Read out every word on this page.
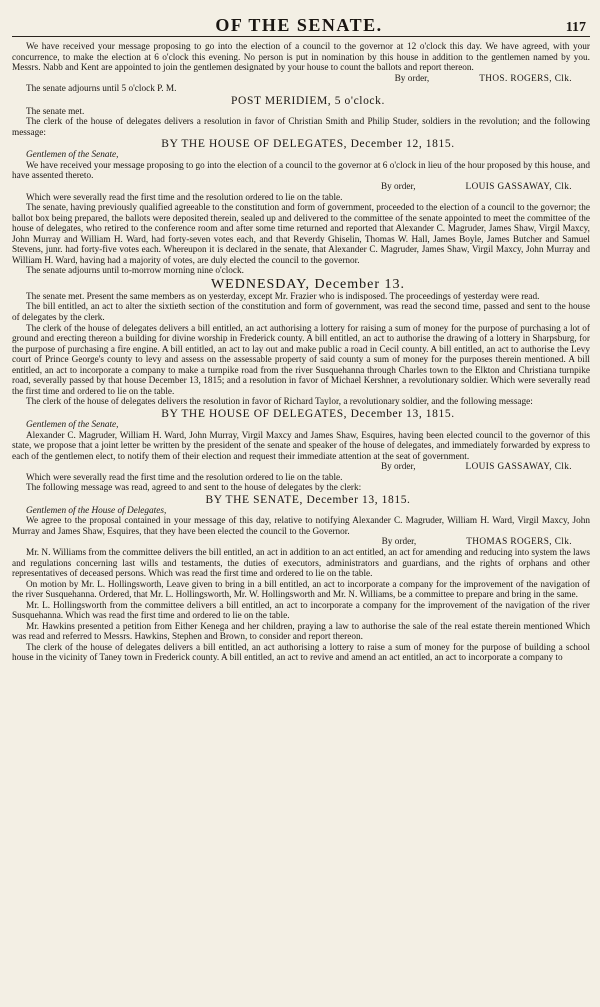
OF THE SENATE.	117

We have received your message proposing to go into the election of a council to the governor at 12 o'clock this day. We have agreed, with your concurrence, to make the election at 6 o'clock this evening. No person is put in nomination by this house in addition to the gentlemen named by you. Messrs. Nabb and Kent are appointed to join the gentlemen designated by your house to count the ballots and report thereon.

By order,	THOS. ROGERS, Clk.

The senate adjourns until 5 o'clock P. M.

POST MERIDIEM, 5 o'clock.

The senate met.

The clerk of the house of delegates delivers a resolution in favor of Christian Smith and Philip Studer, soldiers in the revolution; and the following message:

BY THE HOUSE OF DELEGATES, December 12, 1815.

Gentlemen of the Senate,

We have received your message proposing to go into the election of a council to the governor at 6 o'clock in lieu of the hour proposed by this house, and have assented thereto.

By order,	LOUIS GASSAWAY, Clk.

Which were severally read the first time and the resolution ordered to lie on the table.

The senate, having previously qualified agreeable to the constitution and form of government, proceeded to the election of a council to the governor; the ballot box being prepared, the ballots were deposited therein, sealed up and delivered to the committee of the senate appointed to meet the committee of the house of delegates, who retired to the conference room and after some time returned and reported that Alexander C. Magruder, James Shaw, Virgil Maxcy, John Murray and William H. Ward, had forty-seven votes each, and that Reverdy Ghiselin, Thomas W. Hall, James Boyle, James Butcher and Samuel Stevens, junr. had forty-five votes each. Whereupon it is declared in the senate, that Alexander C. Magruder, James Shaw, Virgil Maxcy, John Murray and William H. Ward, having had a majority of votes, are duly elected the council to the governor.

The senate adjourns until to-morrow morning nine o'clock.

WEDNESDAY, December 13.

The senate met. Present the same members as on yesterday, except Mr. Frazier who is indisposed. The proceedings of yesterday were read.

The bill entitled, an act to alter the sixtieth section of the constitution and form of government, was read the second time, passed and sent to the house of delegates by the clerk.

The clerk of the house of delegates delivers a bill entitled, an act authorising a lottery for raising a sum of money for the purpose of purchasing a lot of ground and erecting thereon a building for divine worship in Frederick county. A bill entitled, an act to authorise the drawing of a lottery in Sharpsburg, for the purpose of purchasing a fire engine. A bill entitled, an act to lay out and make public a road in Cecil county. A bill entitled, an act to authorise the Levy court of Prince George's county to levy and assess on the assessable property of said county a sum of money for the purposes therein mentioned. A bill entitled, an act to incorporate a company to make a turnpike road from the river Susquehanna through Charles town to the Elkton and Christiana turnpike road, severally passed by that house December 13, 1815; and a resolution in favor of Michael Kershner, a revolutionary soldier. Which were severally read the first time and ordered to lie on the table.

The clerk of the house of delegates delivers the resolution in favor of Richard Taylor, a revolutionary soldier, and the following message:

BY THE HOUSE OF DELEGATES, December 13, 1815.

Gentlemen of the Senate,

Alexander C. Magruder, William H. Ward, John Murray, Virgil Maxcy and James Shaw, Esquires, having been elected council to the governor of this state, we propose that a joint letter be written by the president of the senate and speaker of the house of delegates, and immediately forwarded by express to each of the gentlemen elect, to notify them of their election and request their immediate attention at the seat of government.

By order,	LOUIS GASSAWAY, Clk.

Which were severally read the first time and the resolution ordered to lie on the table.

The following message was read, agreed to and sent to the house of delegates by the clerk:

BY THE SENATE, December 13, 1815.

Gentlemen of the House of Delegates,

We agree to the proposal contained in your message of this day, relative to notifying Alexander C. Magruder, William H. Ward, Virgil Maxcy, John Murray and James Shaw, Esquires, that they have been elected the council to the Governor.

By order,	THOMAS ROGERS, Clk.

Mr. N. Williams from the committee delivers the bill entitled, an act in addition to an act entitled, an act for amending and reducing into system the laws and regulations concerning last wills and testaments, the duties of executors, administrators and guardians, and the rights of orphans and other representatives of deceased persons. Which was read the first time and ordered to lie on the table.

On motion by Mr. L. Hollingsworth, Leave given to bring in a bill entitled, an act to incorporate a company for the improvement of the navigation of the river Susquehanna. Ordered, that Mr. L. Hollingsworth, Mr. W. Hollingsworth and Mr. N. Williams, be a committee to prepare and bring in the same.

Mr. L. Hollingsworth from the committee delivers a bill entitled, an act to incorporate a company for the improvement of the navigation of the river Susquehanna. Which was read the first time and ordered to lie on the table.

Mr. Hawkins presented a petition from Either Kenega and her children, praying a law to authorise the sale of the real estate therein mentioned Which was read and referred to Messrs. Hawkins, Stephen and Brown, to consider and report thereon.

The clerk of the house of delegates delivers a bill entitled, an act authorising a lottery to raise a sum of money for the purpose of building a school house in the vicinity of Taney town in Frederick county. A bill entitled, an act to revive and amend an act entitled, an act to incorporate a company to
